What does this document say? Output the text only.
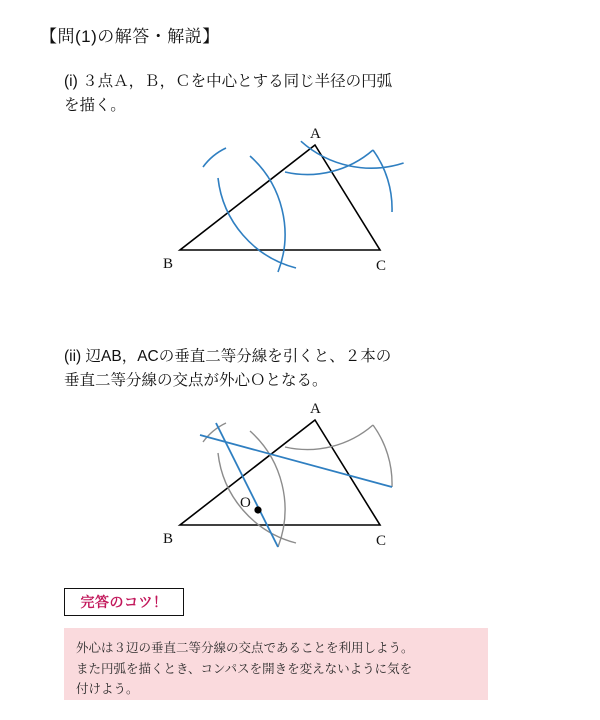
【問(1)の解答・解説】
(i) ３点Ａ，Ｂ，Ｃを中心とする同じ半径の円弧
を描く。
A
B	C
(ii) 辺AB，ACの垂直二等分線を引くと、２本の
垂直二等分線の交点が外心Ｏとなる。
A
B	C
O
完答のコツ！
外心は３辺の垂直二等分線の交点であることを利用しよう。
また円弧を描くとき、コンパスを開きを変えないように気を
付けよう。
